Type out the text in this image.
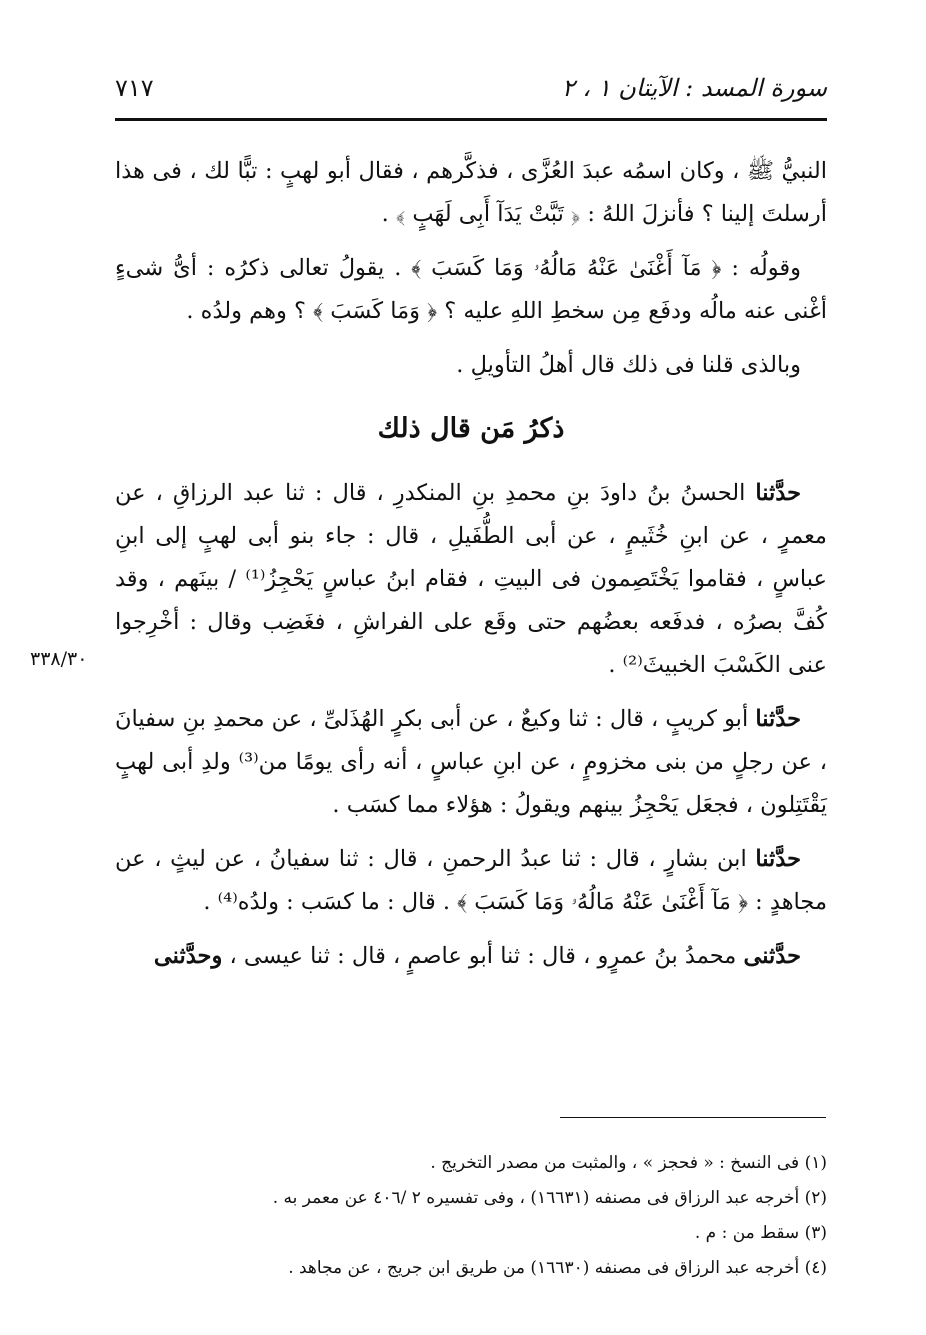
سورة المسد : الآيتان ١ ، ٢
٧١٧

النبيُّ ﷺ ، وكان اسمُه عبدَ العُزَّى ، فذكَّرهم ، فقال أبو لهبٍ : تبًّا لك ، فى هذا أرسلتَ إلينا ؟ فأنزلَ اللهُ : ﴿ تَبَّتْ يَدَآ أَبِى لَهَبٍ ﴾ .

وقولُه : ﴿ مَآ أَغْنَىٰ عَنْهُ مَالُهُۥ وَمَا كَسَبَ ﴾ . يقولُ تعالى ذكرُه : أىُّ شىءٍ أغْنى عنه مالُه ودفَع مِن سخطِ اللهِ عليه ؟ ﴿ وَمَا كَسَبَ ﴾ ؟ وهم ولدُه .

وبالذى قلنا فى ذلك قال أهلُ التأويلِ .

ذكرُ مَن قال ذلك

حدَّثنا الحسنُ بنُ داودَ بنِ محمدِ بنِ المنكدرِ ، قال : ثنا عبد الرزاقِ ، عن معمرٍ ، عن ابنِ خُثَيمٍ ، عن أبى الطُّفَيلِ ، قال : جاء بنو أبى لهبٍ إلى ابنِ عباسٍ ، فقاموا يَخْتَصِمون فى البيتِ ، فقام ابنُ عباسٍ يَحْجِزُ⁽¹⁾ / بينَهم ، وقد كُفَّ بصرُه ، فدفَعه بعضُهم حتى وقَع على الفراشِ ، فغَضِب وقال : أخْرِجوا عنى الكَسْبَ الخبيثَ⁽²⁾ .

حدَّثنا أبو كريبٍ ، قال : ثنا وكيعٌ ، عن أبى بكرٍ الهُذَلىِّ ، عن محمدِ بنِ سفيانَ ، عن رجلٍ من بنى مخزومٍ ، عن ابنِ عباسٍ ، أنه رأى يومًا من⁽³⁾ ولدِ أبى لهبٍ يَقْتَتِلون ، فجعَل يَحْجِزُ بينهم ويقولُ : هؤلاء مما كسَب .

حدَّثنا ابن بشارٍ ، قال : ثنا عبدُ الرحمنِ ، قال : ثنا سفيانُ ، عن ليثٍ ، عن مجاهدٍ : ﴿ مَآ أَغْنَىٰ عَنْهُ مَالُهُۥ وَمَا كَسَبَ ﴾ . قال : ما كسَب : ولدُه⁽⁴⁾ .

حدَّثنى محمدُ بنُ عمرٍو ، قال : ثنا أبو عاصمٍ ، قال : ثنا عيسى ، وحدَّثنى

٣٣٨/٣٠
(١) فى النسخ : « فحجز » ، والمثبت من مصدر التخريج .
(٢) أخرجه عبد الرزاق فى مصنفه (١٦٦٣١) ، وفى تفسيره ٢ /٤٠٦ عن معمر به .
(٣) سقط من : م .
(٤) أخرجه عبد الرزاق فى مصنفه (١٦٦٣٠) من طريق ابن جريج ، عن مجاهد .
